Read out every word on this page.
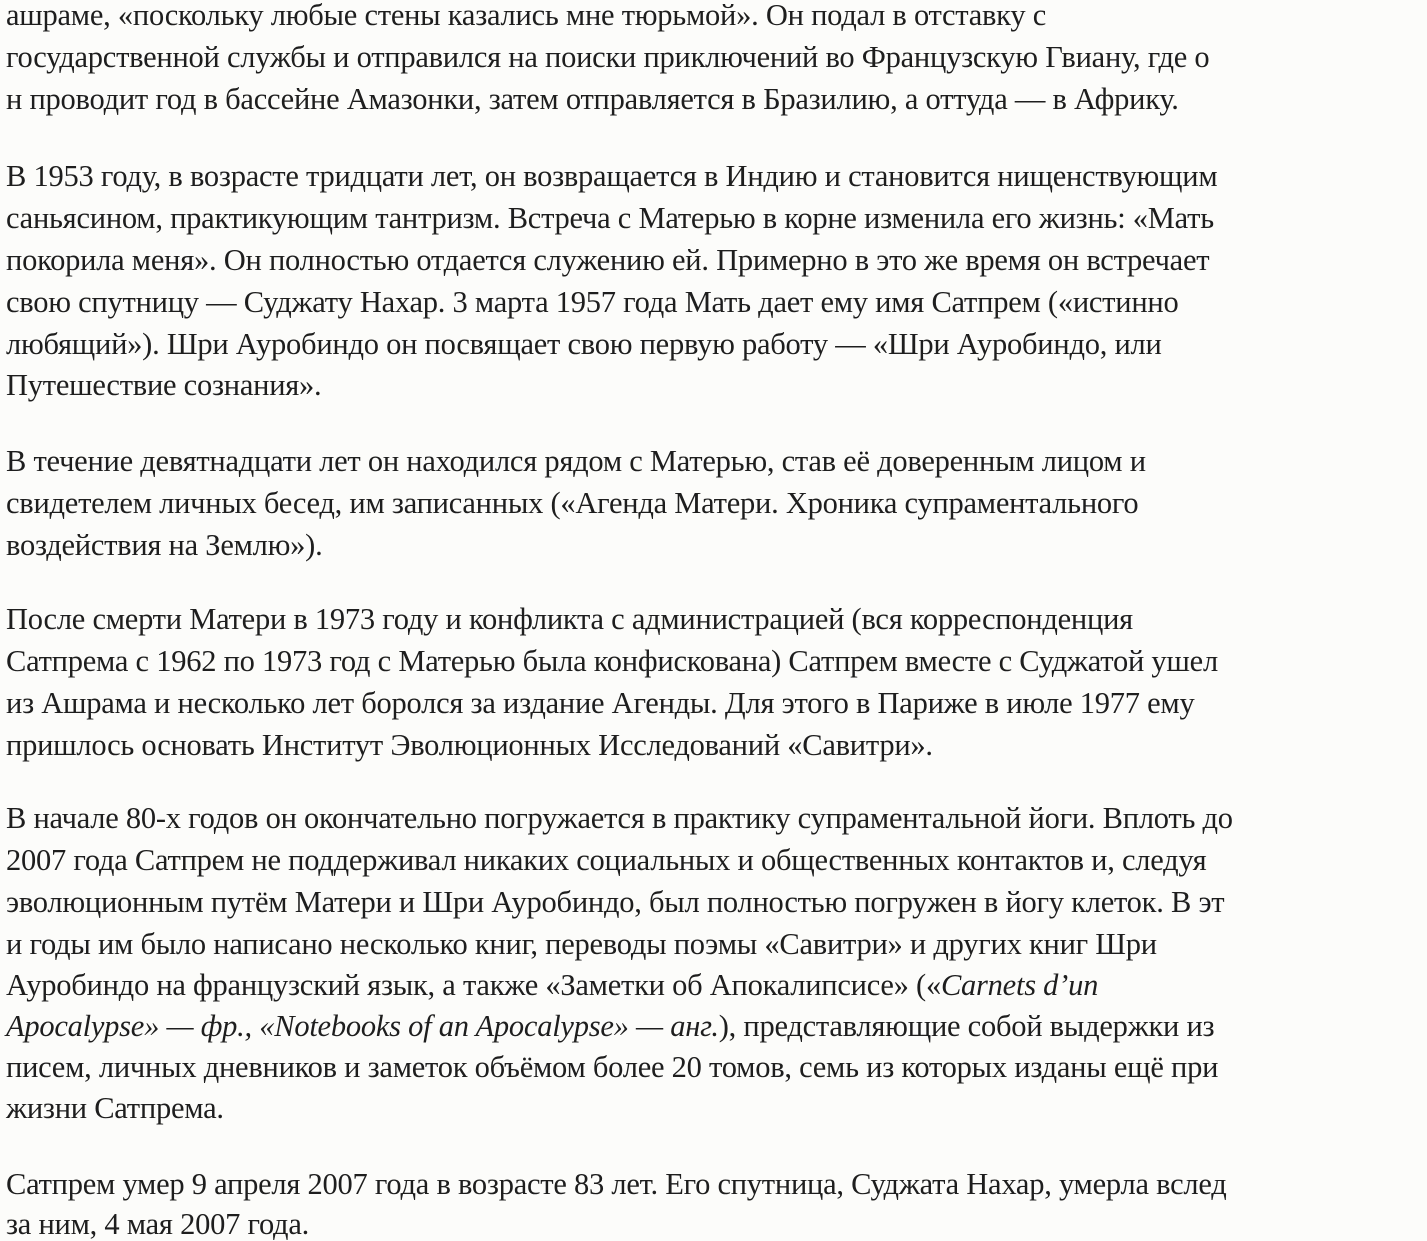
ашраме, «поскольку любые стены казались мне тюрьмой». Он подал в отставку с
государственной службы и отправился на поиски приключений во Французскую Гвиану, где о
н проводит год в бассейне Амазонки, затем отправляется в Бразилию, а оттуда — в Африку.
В 1953 году, в возрасте тридцати лет, он возвращается в Индию и становится нищенствующим
саньясином, практикующим тантризм. Встреча с Матерью в корне изменила его жизнь: «Мать
покорила меня». Он полностью отдается служению ей. Примерно в это же время он встречает
свою спутницу — Суджату Нахар. 3 марта 1957 года Мать дает ему имя Сатпрем («истинно
любящий»). Шри Ауробиндо он посвящает свою первую работу — «Шри Ауробиндо, или
Путешествие сознания».
В течение девятнадцати лет он находился рядом с Матерью, став её доверенным лицом и
свидетелем личных бесед, им записанных («Агенда Матери. Хроника супраментального
воздействия на Землю»).
После смерти Матери в 1973 году и конфликта с администрацией (вся корреспонденция
Сатпрема с 1962 по 1973 год с Матерью была конфискована) Сатпрем вместе с Суджатой ушел
из Ашрама и несколько лет боролся за издание Агенды. Для этого в Париже в июле 1977 ему
пришлось основать Институт Эволюционных Исследований «Савитри».
В начале 80-х годов он окончательно погружается в практику супраментальной йоги. Вплоть до
2007 года Сатпрем не поддерживал никаких социальных и общественных контактов и, следуя
эволюционным путём Матери и Шри Ауробиндо, был полностью погружен в йогу клеток. В эт
и годы им было написано несколько книг, переводы поэмы «Савитри» и других книг Шри
Ауробиндо на французский язык, а также «Заметки об Апокалипсисе» («Carnets d’un
Apocalypse» — фр., «Notebooks of an Apocalypse» — анг.), представляющие собой выдержки из
писем, личных дневников и заметок объёмом более 20 томов, семь из которых изданы ещё при
жизни Сатпрема.
Сатпрем умер 9 апреля 2007 года в возрасте 83 лет. Его спутница, Суджата Нахар, умерла вслед
за ним, 4 мая 2007 года.
